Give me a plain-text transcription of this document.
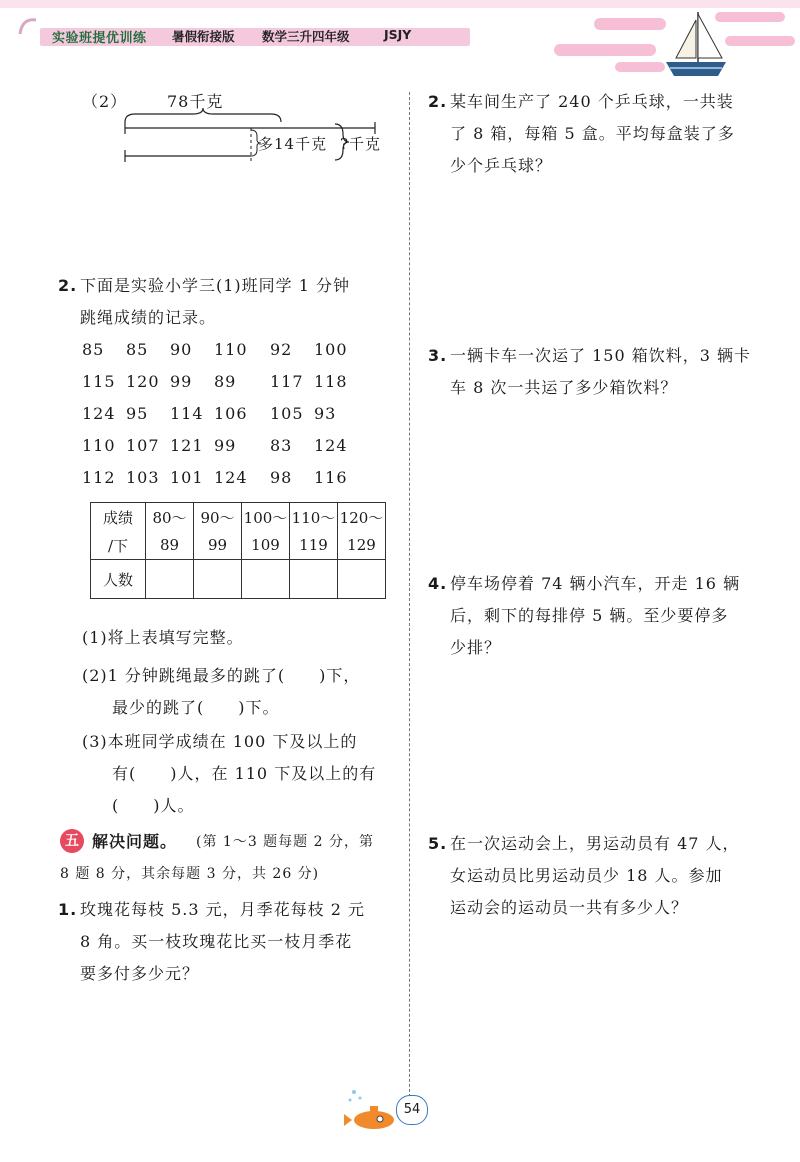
实验班提优训练 暑假衔接版 数学三升四年级	JSJY
（2） 78千克
多14千克 ?千克
2. 下面是实验小学三(1)班同学 1 分钟
跳绳成绩的记录。
85 85 90 110 92 100
115 120 99 89 117 118
124 95 114 106 105 93
110 107 121 99 83 124
112 103 101 124 98 116
成绩	80～	90～	100～	110～	120～
/下	89	99	109	119	129
人数					
(1)将上表填写完整。
(2)1 分钟跳绳最多的跳了(　　)下，
最少的跳了(　　)下。
(3)本班同学成绩在 100 下及以上的
有(　　)人，在 110 下及以上的有
(　　)人。
五 解决问题。 (第 1～3 题每题 2 分，第
8 题 8 分，其余每题 3 分，共 26 分)
1. 玫瑰花每枝 5.3 元，月季花每枝 2 元
8 角。买一枝玫瑰花比买一枝月季花
要多付多少元？
2. 某车间生产了 240 个乒乓球，一共装
了 8 箱，每箱 5 盒。平均每盒装了多
少个乒乓球？
3. 一辆卡车一次运了 150 箱饮料，3 辆卡
车 8 次一共运了多少箱饮料？
4. 停车场停着 74 辆小汽车，开走 16 辆
后，剩下的每排停 5 辆。至少要停多
少排？
5. 在一次运动会上，男运动员有 47 人，
女运动员比男运动员少 18 人。参加
运动会的运动员一共有多少人？
54
